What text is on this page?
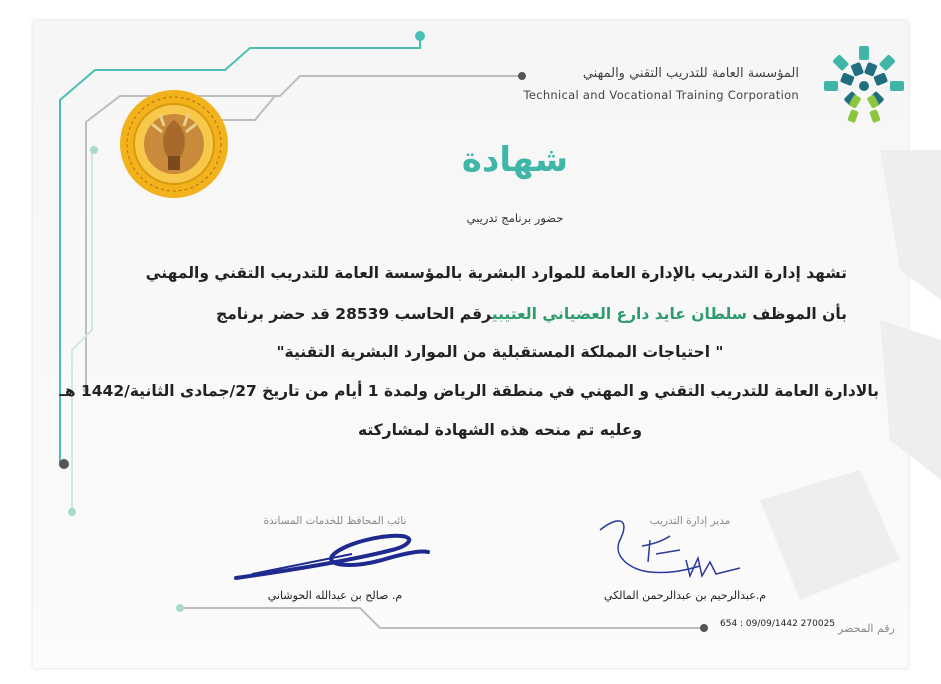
المؤسسة العامة للتدريب التقني والمهني
Technical and Vocational Training Corporation
شهادة
حضور برنامج تدريبي
تشهد إدارة التدريب بالإدارة العامة للموارد البشرية بالمؤسسة العامة للتدريب التقني والمهني
بأن الموظف سلطان عايد دارع العضياني العتيبيرقم الحاسب 28539 قد حضر برنامج
" احتياجات المملكة المستقبلية من الموارد البشرية التقنية"
بالادارة العامة للتدريب التقني و المهني في منطقة الرياض ولمدة 1 أيام من تاريخ 27/جمادى الثانية/1442 هـ
وعليه تم منحه هذه الشهادة لمشاركته
نائب المحافظ للخدمات المساندة
م. صالح بن عبدالله الحوشاني
مدير إدارة التدريب
م.عبدالرحيم بن عبدالرحمن المالكي
654 : 09/09/1442 270025 رقم المحضر
